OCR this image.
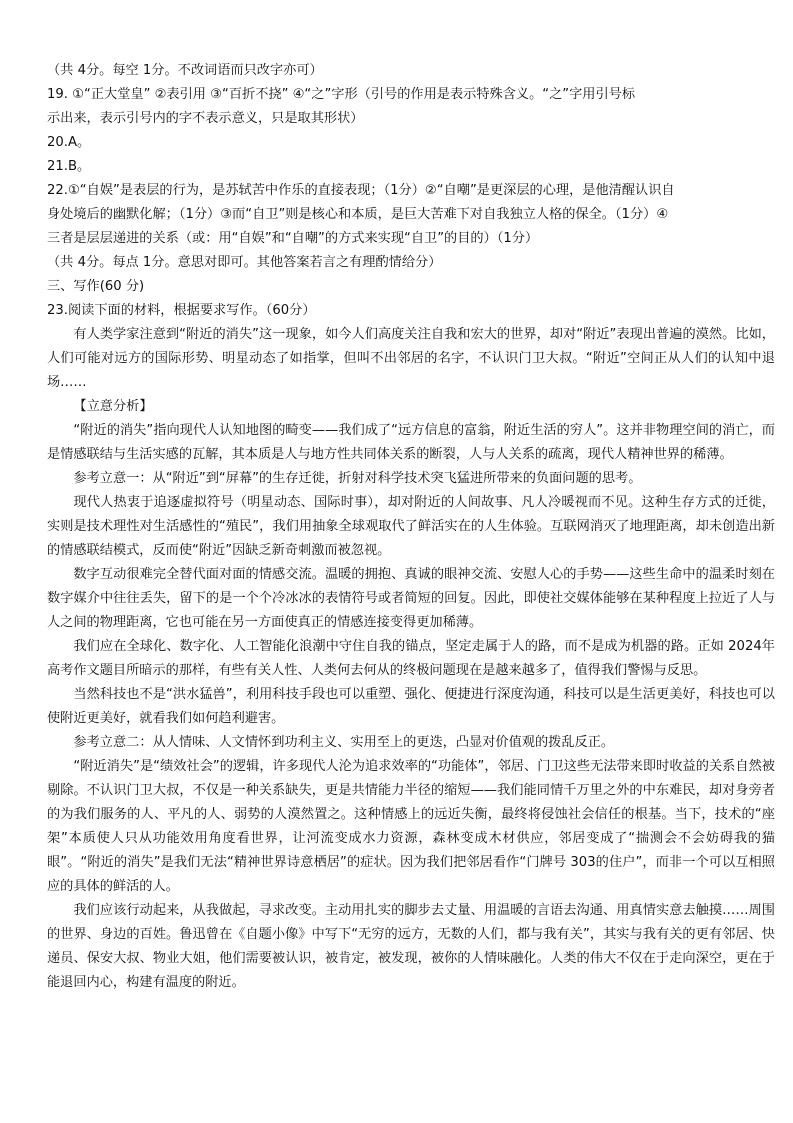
（共 4分。每空 1分。不改词语而只改字亦可）
19. ①“正大堂皇” ②表引用 ③“百折不挠” ④“之”字形（引号的作用是表示特殊含义。“之”字用引号标
示出来，表示引号内的字不表示意义，只是取其形状）
20.A。
21.B。
22.①“自娱”是表层的行为，是苏轼苦中作乐的直接表现；（1分）②“自嘲”是更深层的心理，是他清醒认识自
身处境后的幽默化解；（1分）③而“自卫”则是核心和本质，是巨大苦难下对自我独立人格的保全。（1分）④
三者是层层递进的关系（或：用“自娱”和“自嘲”的方式来实现“自卫”的目的）（1分）
（共 4分。每点 1分。意思对即可。其他答案若言之有理酌情给分）
三、写作(60 分)
23.阅读下面的材料，根据要求写作。（60分）

有人类学家注意到“附近的消失”这一现象，如今人们高度关注自我和宏大的世界，却对“附近”表现出普遍的漠然。比如，人们可能对远方的国际形势、明星动态了如指掌，但叫不出邻居的名字，不认识门卫大叔。“附近”空间正从人们的认知中退场……

【立意分析】

“附近的消失”指向现代人认知地图的畸变——我们成了“远方信息的富翁，附近生活的穷人”。这并非物理空间的消亡，而是情感联结与生活实感的瓦解，其本质是人与地方性共同体关系的断裂，人与人关系的疏离，现代人精神世界的稀薄。

参考立意一：从“附近”到“屏幕”的生存迁徙，折射对科学技术突飞猛进所带来的负面问题的思考。

现代人热衷于追逐虚拟符号（明星动态、国际时事），却对附近的人间故事、凡人冷暖视而不见。这种生存方式的迁徙，实则是技术理性对生活感性的“殖民”，我们用抽象全球观取代了鲜活实在的人生体验。互联网消灭了地理距离，却未创造出新的情感联结模式，反而使“附近”因缺乏新奇刺激而被忽视。

数字互动很难完全替代面对面的情感交流。温暖的拥抱、真诚的眼神交流、安慰人心的手势——这些生命中的温柔时刻在数字媒介中往往丢失，留下的是一个个冷冰冰的表情符号或者简短的回复。因此，即使社交媒体能够在某种程度上拉近了人与人之间的物理距离，它也可能在另一方面使真正的情感连接变得更加稀薄。

我们应在全球化、数字化、人工智能化浪潮中守住自我的锚点，坚定走属于人的路，而不是成为机器的路。正如 2024年高考作文题目所暗示的那样，有些有关人性、人类何去何从的终极问题现在是越来越多了，值得我们警惕与反思。

当然科技也不是“洪水猛兽”，利用科技手段也可以重塑、强化、便捷进行深度沟通，科技可以是生活更美好，科技也可以使附近更美好，就看我们如何趋利避害。

参考立意二：从人情味、人文情怀到功利主义、实用至上的更迭，凸显对价值观的拨乱反正。

“附近消失”是“绩效社会”的逻辑，许多现代人沦为追求效率的“功能体”，邻居、门卫这些无法带来即时收益的关系自然被剔除。不认识门卫大叔，不仅是一种关系缺失，更是共情能力半径的缩短——我们能同情千万里之外的中东难民，却对身旁者的为我们服务的人、平凡的人、弱势的人漠然置之。这种情感上的远近失衡，最终将侵蚀社会信任的根基。当下，技术的“座架”本质使人只从功能效用角度看世界，让河流变成水力资源，森林变成木材供应，邻居变成了“揣测会不会妨碍我的猫眼”。“附近的消失”是我们无法“精神世界诗意栖居”的症状。因为我们把邻居看作“门牌号 303的住户”，而非一个可以互相照应的具体的鲜活的人。

我们应该行动起来，从我做起，寻求改变。主动用扎实的脚步去丈量、用温暖的言语去沟通、用真情实意去触摸……周围的世界、身边的百姓。鲁迅曾在《自题小像》中写下“无穷的远方，无数的人们，都与我有关”，其实与我有关的更有邻居、快递员、保安大叔、物业大姐，他们需要被认识，被肯定，被发现，被你的人情味融化。人类的伟大不仅在于走向深空，更在于能退回内心，构建有温度的附近。
